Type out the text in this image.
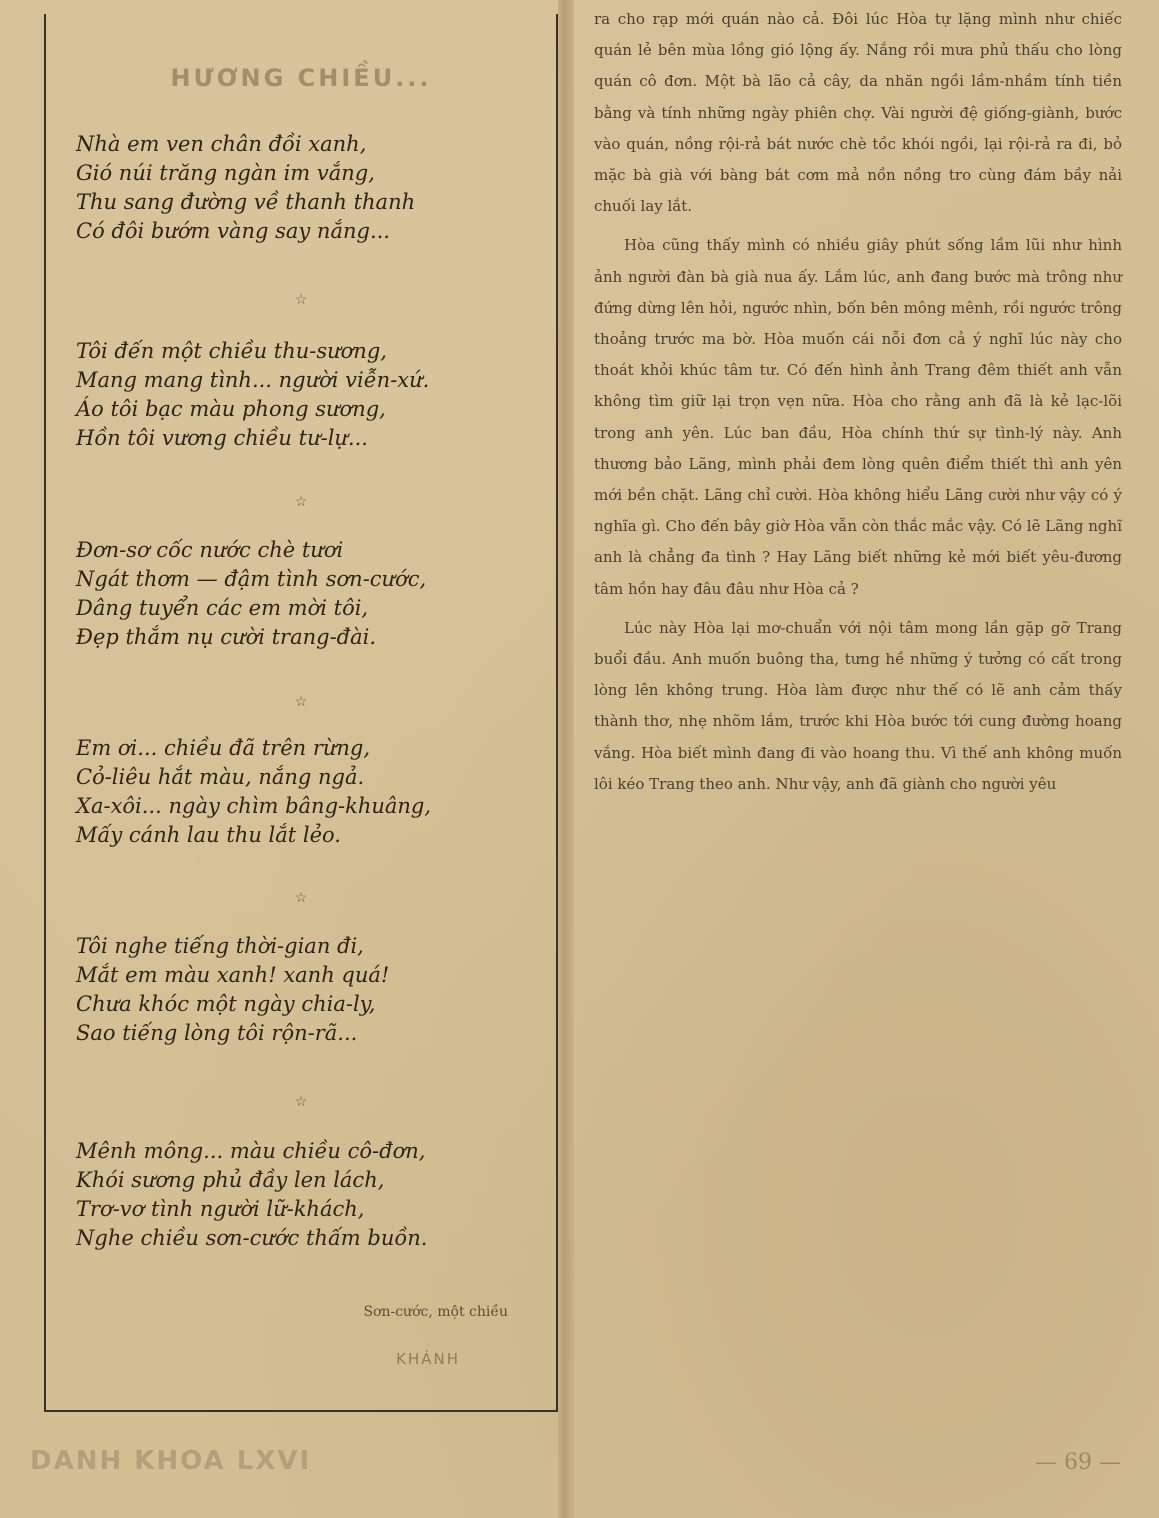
HƯƠNG CHIỀU...
Nhà em ven chân đồi xanh,
Gió núi trăng ngàn im vắng,
Thu sang đường về thanh thanh
Có đôi bướm vàng say nắng...
☆
Tôi đến một chiều thu-sương,
Mang mang tình... người viễn-xứ.
Áo tôi bạc màu phong sương,
Hồn tôi vương chiều tư-lự...
☆
Đơn-sơ cốc nước chè tươi
Ngát thơm — đậm tình sơn-cước,
Dâng tuyển các em mời tôi,
Đẹp thắm nụ cười trang-đài.
☆
Em ơi... chiều đã trên rừng,
Cỏ-liêu hắt màu, nắng ngả.
Xa-xôi... ngày chìm bâng-khuâng,
Mấy cánh lau thu lắt lẻo.
☆
Tôi nghe tiếng thời-gian đi,
Mắt em màu xanh! xanh quá!
Chưa khóc một ngày chia-ly,
Sao tiếng lòng tôi rộn-rã...
☆
Mênh mông... màu chiều cô-đơn,
Khói sương phủ đầy len lách,
Trơ-vơ tình người lữ-khách,
Nghe chiều sơn-cước thấm buồn.
Sơn-cước, một chiều
KHÁNH

ra cho rạp mới quán nào cả. Đôi lúc Hòa tự lặng mình như chiếc quán lẻ bên mùa lồng gió lộng ấy. Nắng rồi mưa phủ thấu cho lòng quán cô đơn. Một bà lão cả cây, da nhăn ngồi lầm-nhầm tính tiền bằng và tính những ngày phiên chợ. Vài người đệ giống-giành, bước vào quán, nồng rội-rả bát nước chè tồc khói ngồi, lại rội-rả ra đi, bỏ mặc bà già với bàng bát cơm mả nồn nồng tro cùng đám bầy nải chuối lay lắt.

Hòa cũng thấy mình có nhiều giây phút sống lầm lũi như hình ảnh người đàn bà già nua ấy. Lắm lúc, anh đang bước mà trông như đứng dừng lên hỏi, ngước nhìn, bốn bên mông mênh, rồi ngước trông thoảng trước ma bờ. Hòa muốn cái nỗi đơn cả ý nghĩ lúc này cho thoát khỏi khúc tâm tư. Có đến hình ảnh Trang đêm thiết anh vẫn không tìm giữ lại trọn vẹn nữa. Hòa cho rằng anh đã là kẻ lạc-lõi trong anh yên. Lúc ban đầu, Hòa chính thứ sự tình-lý này. Anh thương bảo Lãng, mình phải đem lòng quên điểm thiết thì anh yên mới bền chặt. Lãng chỉ cười. Hòa không hiểu Lãng cười như vậy có ý nghĩa gì. Cho đến bây giờ Hòa vẫn còn thắc mắc vậy. Có lẽ Lãng nghĩ anh là chẳng đa tình ? Hay Lãng biết những kẻ mới biết yêu-đương tâm hồn hay đâu đâu như Hòa cả ?

Lúc này Hòa lại mơ-chuẩn với nội tâm mong lần gặp gỡ Trang buổi đầu. Anh muốn buông tha, tưng hề những ý tưởng có cất trong lòng lên không trung. Hòa làm được như thế có lẽ anh cảm thấy thành thơ, nhẹ nhõm lắm, trước khi Hòa bước tới cung đường hoang vắng. Hòa biết mình đang đi vào hoang thu. Vì thế anh không muốn lôi kéo Trang theo anh. Như vậy, anh đã giành cho người yêu

DANH KHOA LXVI	— 69 —
